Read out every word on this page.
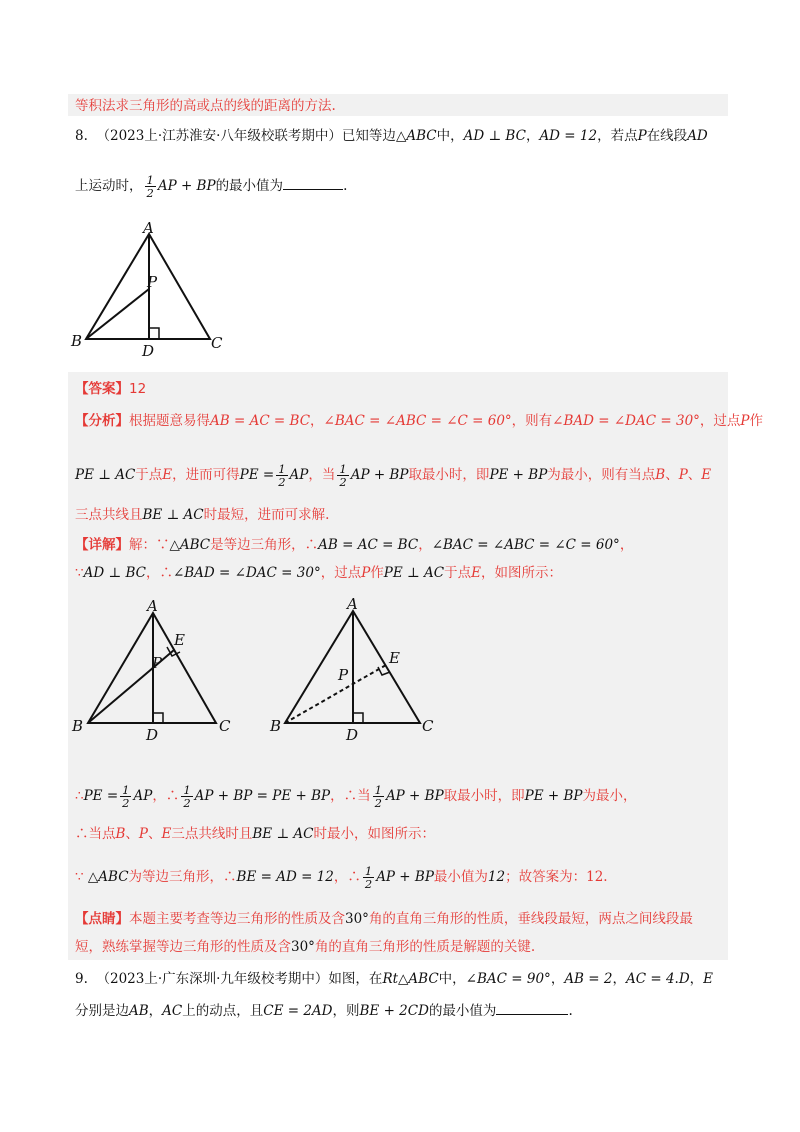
等积法求三角形的高或点的线的距离的方法.
8. （2023上·江苏淮安·八年级校联考期中）已知等边△ABC中，AD ⊥ BC，AD = 12，若点P在线段AD
上运动时， $\frac{1}{2}$ AP + BP的最小值为	.
A
P
B
D	C
【答案】12
【分析】根据题意易得AB = AC = BC，∠BAC = ∠ABC = ∠C = 60°，则有∠BAD = ∠DAC = 30°，过点P作
PE ⊥ AC于点E，进而可得PE = $\frac{1}{2}$ AP，当 $\frac{1}{2}$ AP + BP取最小时，即PE + BP为最小，则有当点B、P、E
三点共线且BE ⊥ AC时最短，进而可求解.
【详解】解：∵△ABC是等边三角形，∴AB = AC = BC，∠BAC = ∠ABC = ∠C = 60°，
∵AD ⊥ BC，∴∠BAD = ∠DAC = 30°，过点P作PE ⊥ AC于点E，如图所示：
A
E
P
B	D	C
A
E
P
B	D	C
∴PE = $\frac{1}{2}$ AP，∴ $\frac{1}{2}$ AP + BP = PE + BP，∴当 $\frac{1}{2}$ AP + BP取最小时，即PE + BP为最小，
∴当点B、P、E三点共线时且BE ⊥ AC时最小，如图所示：
∵ △ABC为等边三角形，∴BE = AD = 12，∴ $\frac{1}{2}$ AP + BP最小值为12；故答案为：12.
【点睛】本题主要考查等边三角形的性质及含30°角的直角三角形的性质，垂线段最短，两点之间线段最
短，熟练掌握等边三角形的性质及含30°角的直角三角形的性质是解题的关键.
9. （2023上·广东深圳·九年级校考期中）如图，在Rt△ABC中，∠BAC = 90°，AB = 2，AC = 4.D，E
分别是边AB，AC上的动点，且CE = 2AD，则BE + 2CD的最小值为	.
